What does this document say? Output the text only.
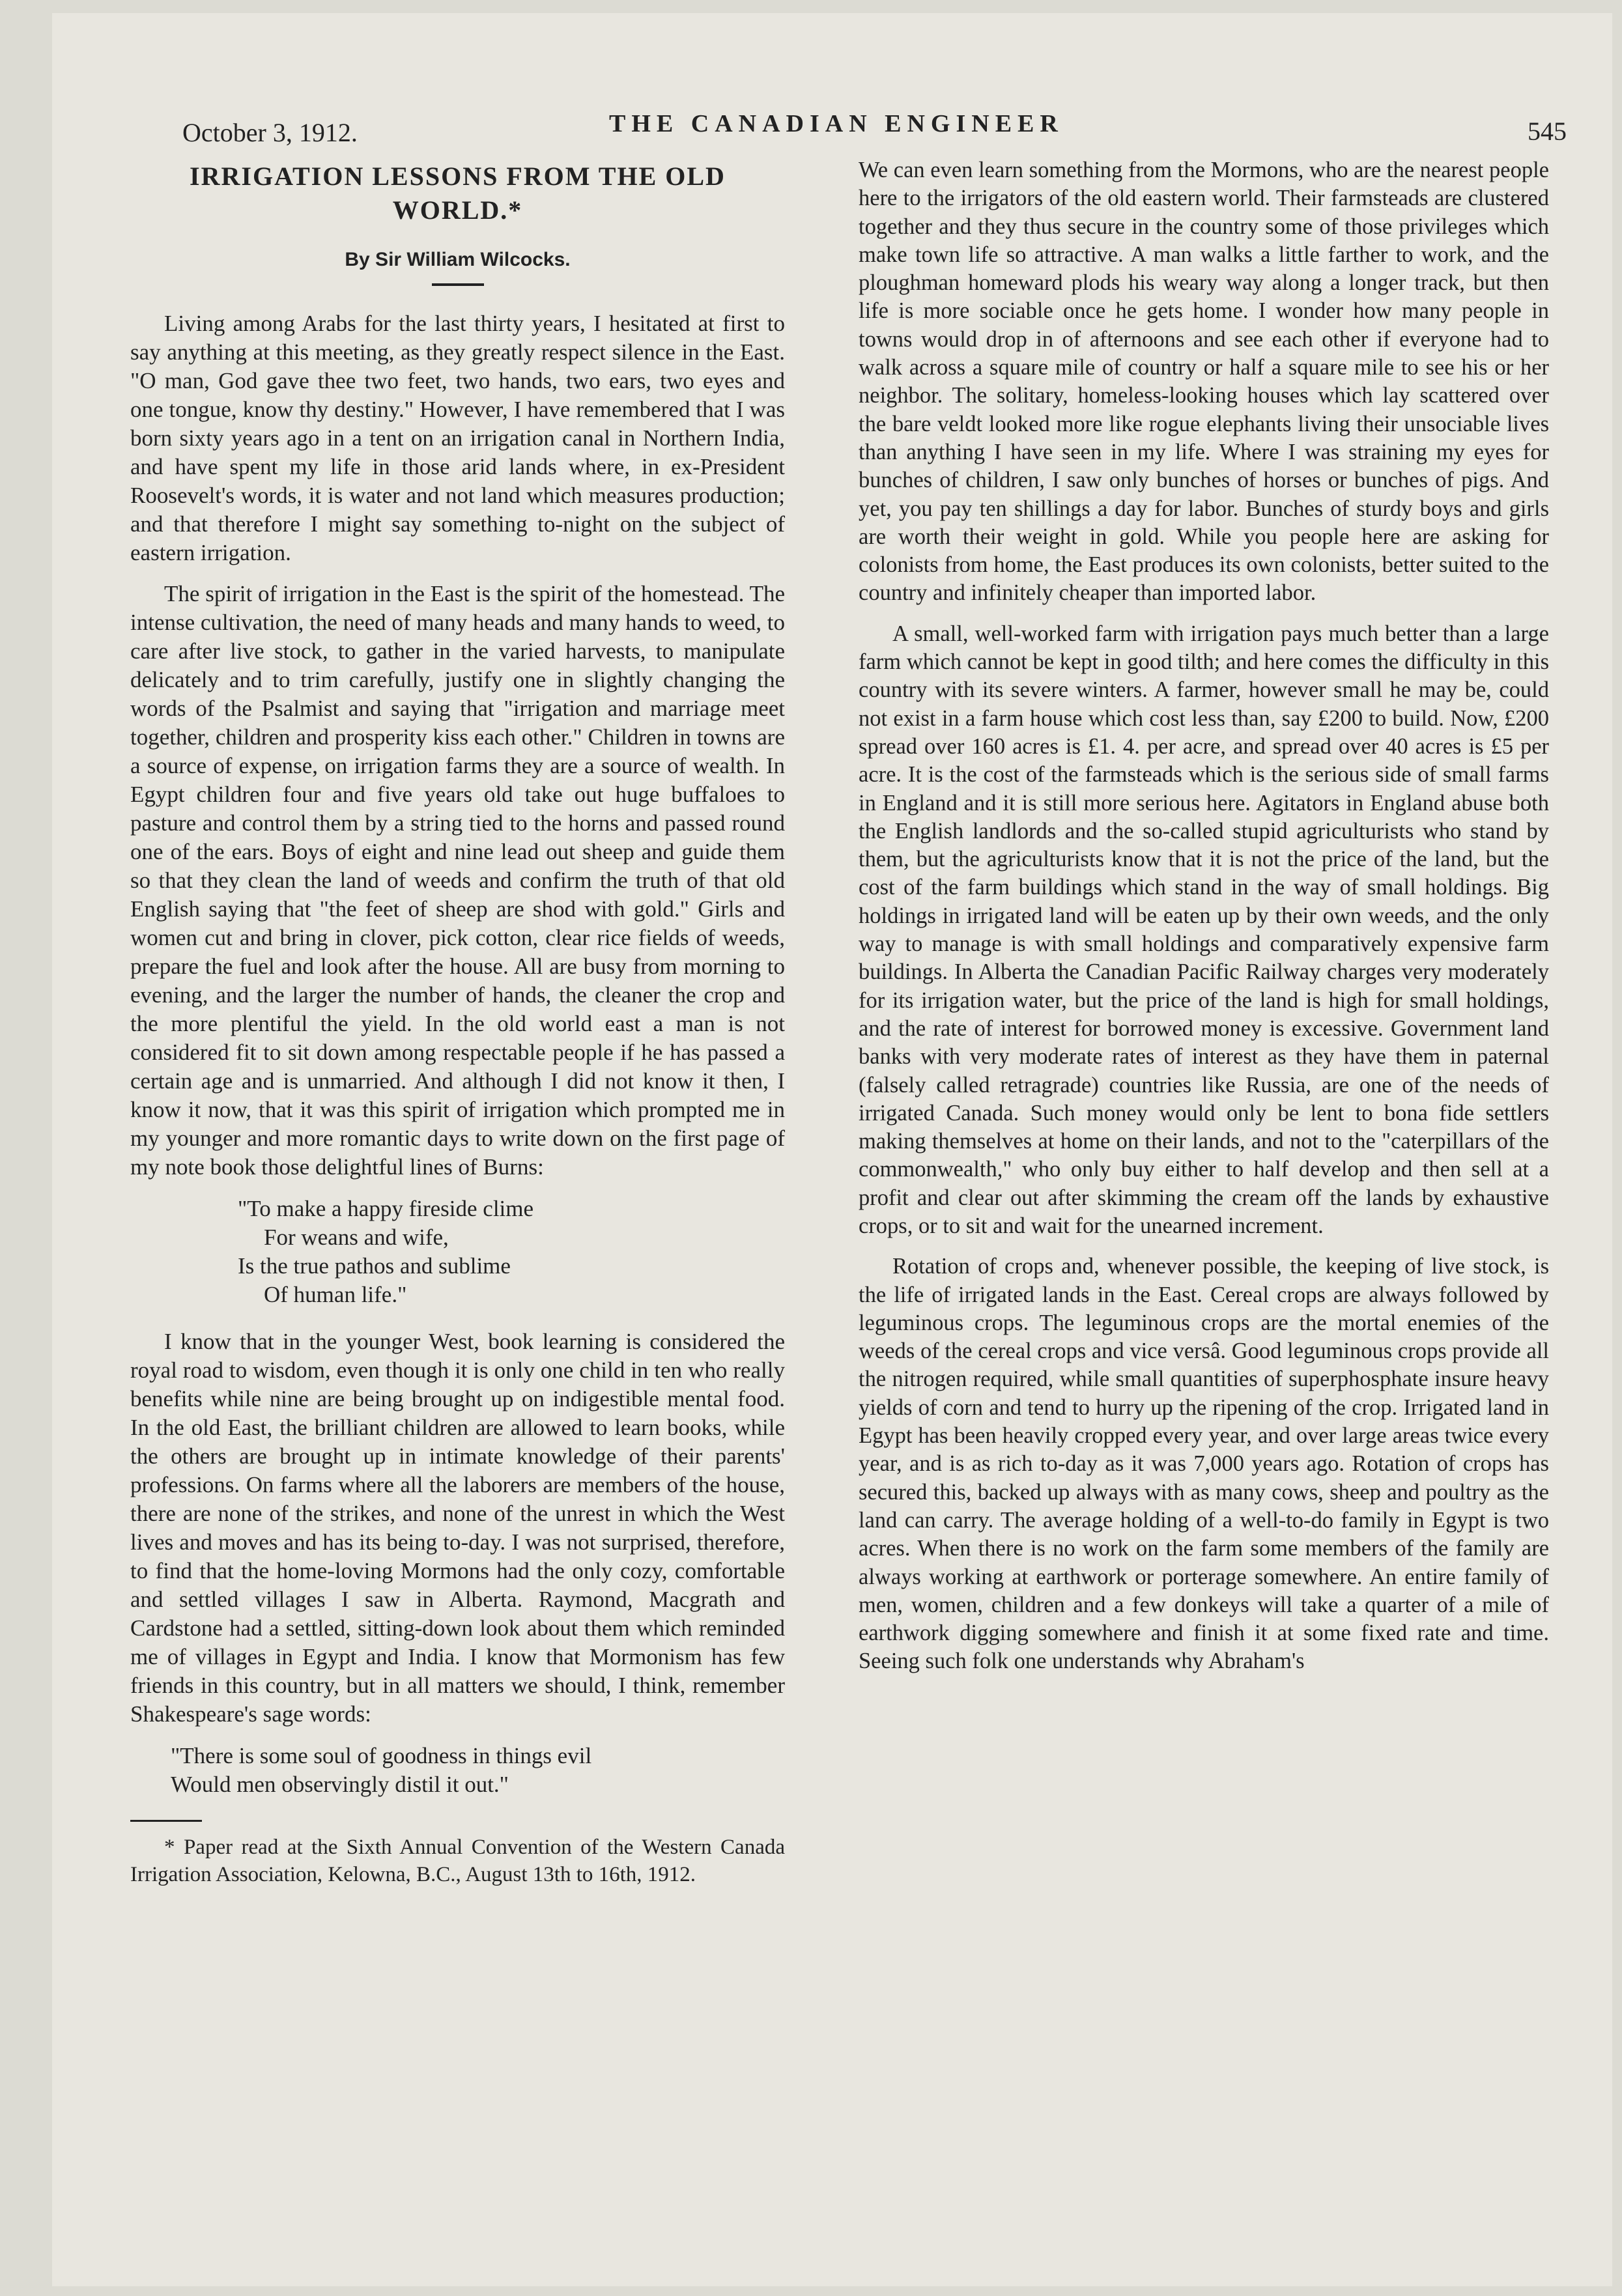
October 3, 1912.	THE CANADIAN ENGINEER	545
IRRIGATION LESSONS FROM THE OLD WORLD.*
By Sir William Wilcocks.

Living among Arabs for the last thirty years, I hesitated at first to say anything at this meeting, as they greatly respect silence in the East. "O man, God gave thee two feet, two hands, two ears, two eyes and one tongue, know thy destiny." However, I have remembered that I was born sixty years ago in a tent on an irrigation canal in Northern India, and have spent my life in those arid lands where, in ex-President Roosevelt's words, it is water and not land which measures production; and that therefore I might say something to-night on the subject of eastern irrigation.

The spirit of irrigation in the East is the spirit of the homestead. The intense cultivation, the need of many heads and many hands to weed, to care after live stock, to gather in the varied harvests, to manipulate delicately and to trim carefully, justify one in slightly changing the words of the Psalmist and saying that "irrigation and marriage meet together, children and prosperity kiss each other." Children in towns are a source of expense, on irrigation farms they are a source of wealth. In Egypt children four and five years old take out huge buffaloes to pasture and control them by a string tied to the horns and passed round one of the ears. Boys of eight and nine lead out sheep and guide them so that they clean the land of weeds and confirm the truth of that old English saying that "the feet of sheep are shod with gold." Girls and women cut and bring in clover, pick cotton, clear rice fields of weeds, prepare the fuel and look after the house. All are busy from morning to evening, and the larger the number of hands, the cleaner the crop and the more plentiful the yield. In the old world east a man is not considered fit to sit down among respectable people if he has passed a certain age and is unmarried. And although I did not know it then, I know it now, that it was this spirit of irrigation which prompted me in my younger and more romantic days to write down on the first page of my note book those delightful lines of Burns:

"To make a happy fireside clime
For weans and wife,
Is the true pathos and sublime
Of human life."

I know that in the younger West, book learning is considered the royal road to wisdom, even though it is only one child in ten who really benefits while nine are being brought up on indigestible mental food. In the old East, the brilliant children are allowed to learn books, while the others are brought up in intimate knowledge of their parents' professions. On farms where all the laborers are members of the house, there are none of the strikes, and none of the unrest in which the West lives and moves and has its being to-day. I was not surprised, therefore, to find that the home-loving Mormons had the only cozy, comfortable and settled villages I saw in Alberta. Raymond, Macgrath and Cardstone had a settled, sitting-down look about them which reminded me of villages in Egypt and India. I know that Mormonism has few friends in this country, but in all matters we should, I think, remember Shakespeare's sage words:

"There is some soul of goodness in things evil
Would men observingly distil it out."

* Paper read at the Sixth Annual Convention of the Western Canada Irrigation Association, Kelowna, B.C., August 13th to 16th, 1912.

We can even learn something from the Mormons, who are the nearest people here to the irrigators of the old eastern world. Their farmsteads are clustered together and they thus secure in the country some of those privileges which make town life so attractive. A man walks a little farther to work, and the ploughman homeward plods his weary way along a longer track, but then life is more sociable once he gets home. I wonder how many people in towns would drop in of afternoons and see each other if everyone had to walk across a square mile of country or half a square mile to see his or her neighbor. The solitary, homeless-looking houses which lay scattered over the bare veldt looked more like rogue elephants living their unsociable lives than anything I have seen in my life. Where I was straining my eyes for bunches of children, I saw only bunches of horses or bunches of pigs. And yet, you pay ten shillings a day for labor. Bunches of sturdy boys and girls are worth their weight in gold. While you people here are asking for colonists from home, the East produces its own colonists, better suited to the country and infinitely cheaper than imported labor.

A small, well-worked farm with irrigation pays much better than a large farm which cannot be kept in good tilth; and here comes the difficulty in this country with its severe winters. A farmer, however small he may be, could not exist in a farm house which cost less than, say £200 to build. Now, £200 spread over 160 acres is £1. 4. per acre, and spread over 40 acres is £5 per acre. It is the cost of the farmsteads which is the serious side of small farms in England and it is still more serious here. Agitators in England abuse both the English landlords and the so-called stupid agriculturists who stand by them, but the agriculturists know that it is not the price of the land, but the cost of the farm buildings which stand in the way of small holdings. Big holdings in irrigated land will be eaten up by their own weeds, and the only way to manage is with small holdings and comparatively expensive farm buildings. In Alberta the Canadian Pacific Railway charges very moderately for its irrigation water, but the price of the land is high for small holdings, and the rate of interest for borrowed money is excessive. Government land banks with very moderate rates of interest as they have them in paternal (falsely called retragrade) countries like Russia, are one of the needs of irrigated Canada. Such money would only be lent to bona fide settlers making themselves at home on their lands, and not to the "caterpillars of the commonwealth," who only buy either to half develop and then sell at a profit and clear out after skimming the cream off the lands by exhaustive crops, or to sit and wait for the unearned increment.

Rotation of crops and, whenever possible, the keeping of live stock, is the life of irrigated lands in the East. Cereal crops are always followed by leguminous crops. The leguminous crops are the mortal enemies of the weeds of the cereal crops and vice versâ. Good leguminous crops provide all the nitrogen required, while small quantities of superphosphate insure heavy yields of corn and tend to hurry up the ripening of the crop. Irrigated land in Egypt has been heavily cropped every year, and over large areas twice every year, and is as rich to-day as it was 7,000 years ago. Rotation of crops has secured this, backed up always with as many cows, sheep and poultry as the land can carry. The average holding of a well-to-do family in Egypt is two acres. When there is no work on the farm some members of the family are always working at earthwork or porterage somewhere. An entire family of men, women, children and a few donkeys will take a quarter of a mile of earthwork digging somewhere and finish it at some fixed rate and time. Seeing such folk one understands why Abraham's
